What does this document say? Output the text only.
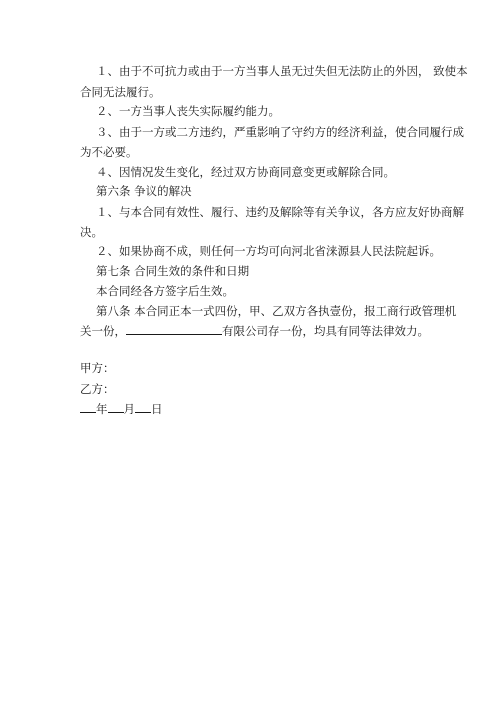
１、由于不可抗力或由于一方当事人虽无过失但无法防止的外因， 致使本
合同无法履行。
２、一方当事人丧失实际履约能力。
３、由于一方或二方违约，严重影响了守约方的经济利益，使合同履行成
为不必要。
４、因情况发生变化，经过双方协商同意变更或解除合同。
第六条 争议的解决
１、与本合同有效性、履行、违约及解除等有关争议，各方应友好协商解
决。
２、如果协商不成，则任何一方均可向河北省涞源县人民法院起诉。
第七条 合同生效的条件和日期
本合同经各方签字后生效。
第八条 本合同正本一式四份，甲、乙双方各执壹份，报工商行政管理机
关一份，	有限公司存一份，均具有同等法律效力。
甲方：
乙方：
年 月 日
